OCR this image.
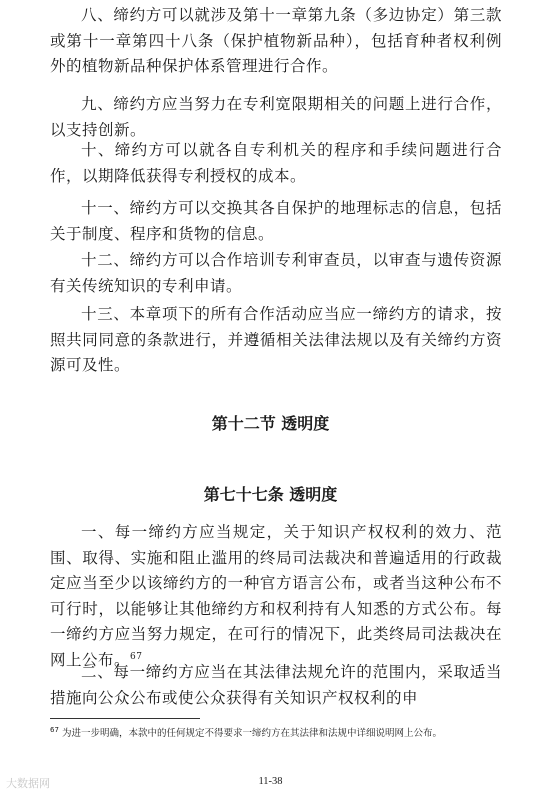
八、缔约方可以就涉及第十一章第九条（多边协定）第三款或第十一章第四十八条（保护植物新品种），包括育种者权利例外的植物新品种保护体系管理进行合作。

九、缔约方应当努力在专利宽限期相关的问题上进行合作，以支持创新。

十、缔约方可以就各自专利机关的程序和手续问题进行合作，以期降低获得专利授权的成本。

十一、缔约方可以交换其各自保护的地理标志的信息，包括关于制度、程序和货物的信息。

十二、缔约方可以合作培训专利审查员，以审查与遗传资源有关传统知识的专利申请。

十三、本章项下的所有合作活动应当应一缔约方的请求，按照共同同意的条款进行，并遵循相关法律法规以及有关缔约方资源可及性。

第十二节 透明度
第七十七条 透明度

一、每一缔约方应当规定，关于知识产权权利的效力、范围、取得、实施和阻止滥用的终局司法裁决和普遍适用的行政裁定应当至少以该缔约方的一种官方语言公布，或者当这种公布不可行时，以能够让其他缔约方和权利持有人知悉的方式公布。每一缔约方应当努力规定，在可行的情况下，此类终局司法裁决在网上公布。$^{67}$

二、每一缔约方应当在其法律法规允许的范围内，采取适当措施向公众公布或使公众获得有关知识产权权利的申

$^{67}$ 为进一步明确，本款中的任何规定不得要求一缔约方在其法律和法规中详细说明网上公布。
大数据网	11-38
